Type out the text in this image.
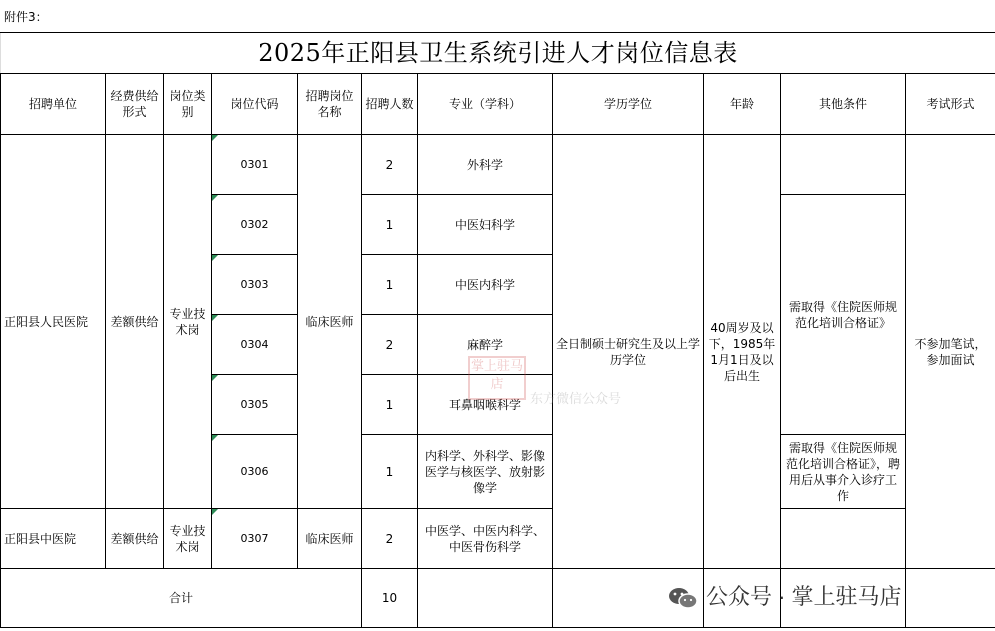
附件3：
2025年正阳县卫生系统引进人才岗位信息表										
招聘单位	经费供给形式	岗位类别	岗位代码	招聘岗位名称	招聘人数	专业（学科）	学历学位	年龄	其他条件	考试形式
正阳县人民医院	差额供给	专业技术岗	0301	临床医师	2	外科学	全日制硕士研究生及以上学历学位	40周岁及以下，1985年1月1日及以后出生		不参加笔试，参加面试
			0302		1	中医妇科学			需取得《住院医师规范化培训合格证》	
			0303		1	中医内科学				
			0304		2	麻醉学				
			0305		1	耳鼻咽喉科学				
			0306		1	内科学、外科学、影像医学与核医学、放射影像学			需取得《住院医师规范化培训合格证》，聘用后从事介入诊疗工作	
正阳县中医院	差额供给	专业技术岗	0307	临床医师	2	中医学、中医内科学、中医骨伤科学				
合计					10					
掌上驻马店
东方微信公众号
公众号 · 掌上驻马店
